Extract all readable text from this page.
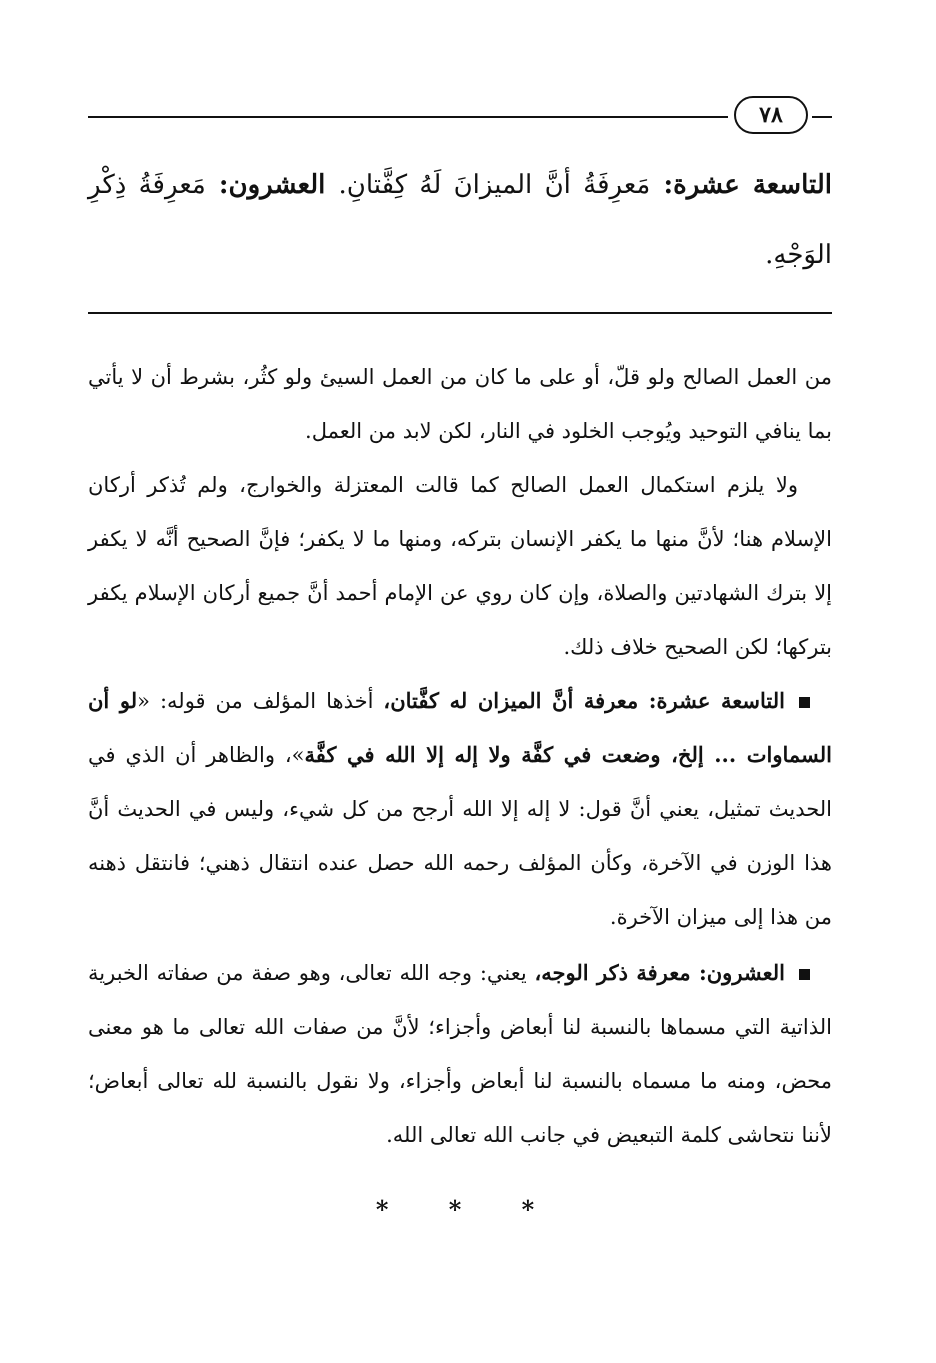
٧٨
التاسعة عشرة: مَعرِفَةُ أنَّ الميزانَ لَهُ كِفَّتانِ. العشرون: مَعرِفَةُ ذِكْرِ الوَجْهِ.

من العمل الصالح ولو قلّ، أو على ما كان من العمل السيئ ولو كثُر، بشرط أن لا يأتي بما ينافي التوحيد ويُوجب الخلود في النار، لكن لابد من العمل.

ولا يلزم استكمال العمل الصالح كما قالت المعتزلة والخوارج، ولم تُذكر أركان الإسلام هنا؛ لأنَّ منها ما يكفر الإنسان بتركه، ومنها ما لا يكفر؛ فإنَّ الصحيح أنَّه لا يكفر إلا بترك الشهادتين والصلاة، وإن كان روي عن الإمام أحمد أنَّ جميع أركان الإسلام يكفر بتركها؛ لكن الصحيح خلاف ذلك.

التاسعة عشرة: معرفة أنَّ الميزان له كفَّتان، أخذها المؤلف من قوله: «لو أن السماوات ... إلخ، وضعت في كفَّة ولا إله إلا الله في كفَّة»، والظاهر أن الذي في الحديث تمثيل، يعني أنَّ قول: لا إله إلا الله أرجح من كل شيء، وليس في الحديث أنَّ هذا الوزن في الآخرة، وكأن المؤلف رحمه الله حصل عنده انتقال ذهني؛ فانتقل ذهنه من هذا إلى ميزان الآخرة.

العشرون: معرفة ذكر الوجه، يعني: وجه الله تعالى، وهو صفة من صفاته الخبرية الذاتية التي مسماها بالنسبة لنا أبعاض وأجزاء؛ لأنَّ من صفات الله تعالى ما هو معنى محض، ومنه ما مسماه بالنسبة لنا أبعاض وأجزاء، ولا نقول بالنسبة لله تعالى أبعاض؛ لأننا نتحاشى كلمة التبعيض في جانب الله تعالى الله.

* * *
